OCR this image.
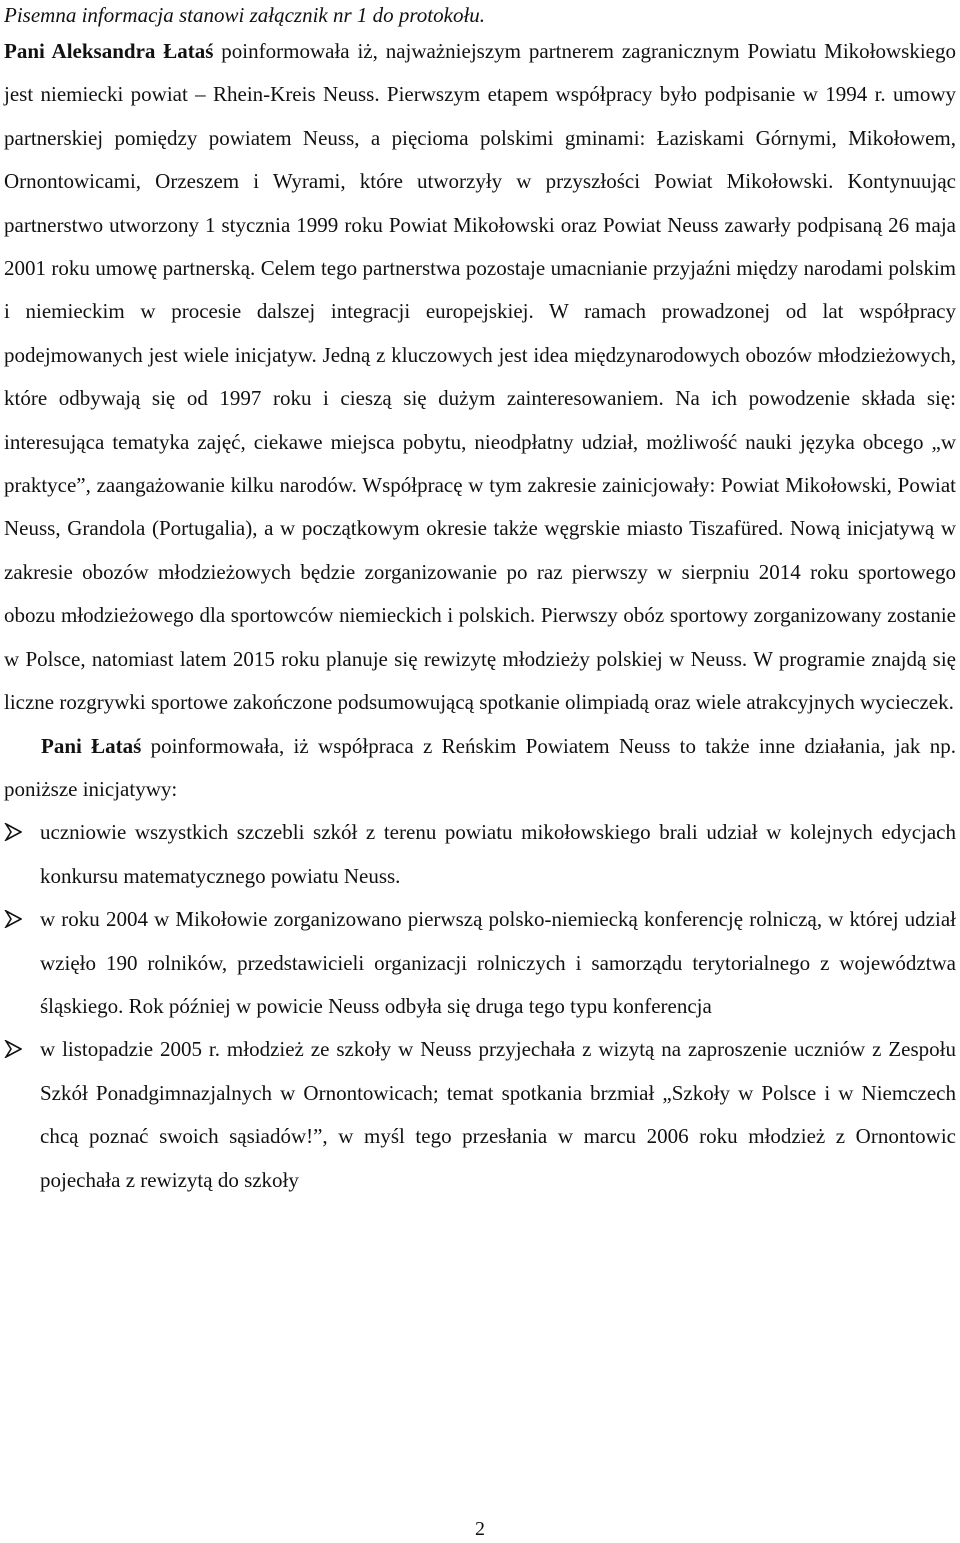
Pisemna informacja stanowi załącznik nr 1 do protokołu.

Pani Aleksandra Łataś poinformowała iż, najważniejszym partnerem zagranicznym Powiatu Mikołowskiego jest niemiecki powiat – Rhein-Kreis Neuss. Pierwszym etapem współpracy było podpisanie w 1994 r. umowy partnerskiej pomiędzy powiatem Neuss, a pięcioma polskimi gminami: Łaziskami Górnymi, Mikołowem, Ornontowicami, Orzeszem i Wyrami, które utworzyły w przyszłości Powiat Mikołowski. Kontynuując partnerstwo utworzony 1 stycznia 1999 roku Powiat Mikołowski oraz Powiat Neuss zawarły podpisaną 26 maja 2001 roku umowę partnerską. Celem tego partnerstwa pozostaje umacnianie przyjaźni między narodami polskim i niemieckim w procesie dalszej integracji europejskiej. W ramach prowadzonej od lat współpracy podejmowanych jest wiele inicjatyw. Jedną z kluczowych jest idea międzynarodowych obozów młodzieżowych, które odbywają się od 1997 roku i cieszą się dużym zainteresowaniem. Na ich powodzenie składa się: interesująca tematyka zajęć, ciekawe miejsca pobytu, nieodpłatny udział, możliwość nauki języka obcego „w praktyce”, zaangażowanie kilku narodów. Współpracę w tym zakresie zainicjowały: Powiat Mikołowski, Powiat Neuss, Grandola (Portugalia), a w początkowym okresie także węgrskie miasto Tiszafüred. Nową inicjatywą w zakresie obozów młodzieżowych będzie zorganizowanie po raz pierwszy w sierpniu 2014 roku sportowego obozu młodzieżowego dla sportowców niemieckich i polskich. Pierwszy obóz sportowy zorganizowany zostanie w Polsce, natomiast latem 2015 roku planuje się rewizytę młodzieży polskiej w Neuss. W programie znajdą się liczne rozgrywki sportowe zakończone podsumowującą spotkanie olimpiadą oraz wiele atrakcyjnych wycieczek.

Pani Łataś poinformowała, iż współpraca z Reńskim Powiatem Neuss to także inne działania, jak np. poniższe inicjatywy:

uczniowie wszystkich szczebli szkół z terenu powiatu mikołowskiego brali udział w kolejnych edycjach konkursu matematycznego powiatu Neuss.
w roku 2004 w Mikołowie zorganizowano pierwszą polsko-niemiecką konferencję rolniczą, w której udział wzięło 190 rolników, przedstawicieli organizacji rolniczych i samorządu terytorialnego z województwa śląskiego. Rok później w powicie Neuss odbyła się druga tego typu konferencja
w listopadzie 2005 r. młodzież ze szkoły w Neuss przyjechała z wizytą na zaproszenie uczniów z Zespołu Szkół Ponadgimnazjalnych w Ornontowicach; temat spotkania brzmiał „Szkoły w Polsce i w Niemczech chcą poznać swoich sąsiadów!”, w myśl tego przesłania w marcu 2006 roku młodzież z Ornontowic pojechała z rewizytą do szkoły
2
